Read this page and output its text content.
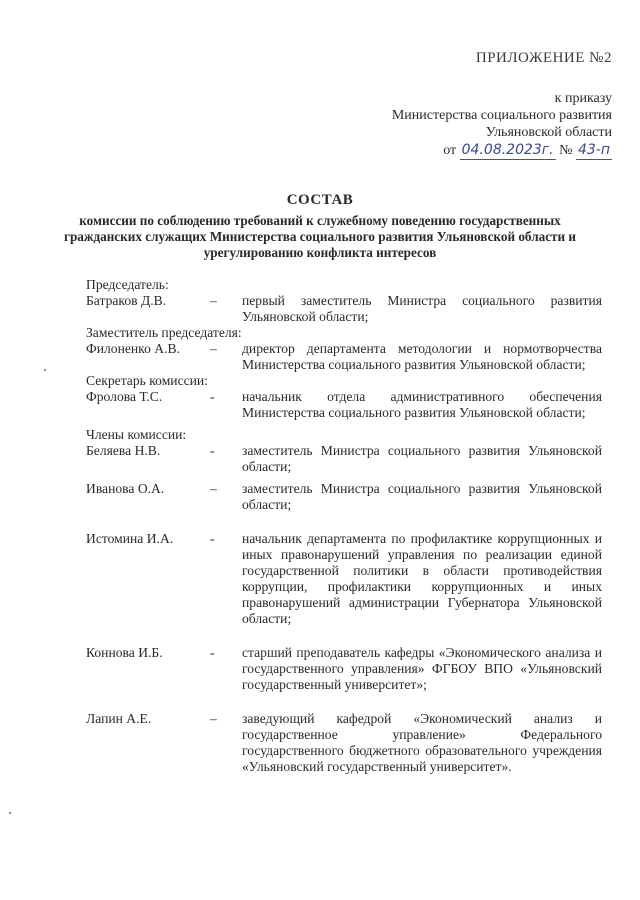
ПРИЛОЖЕНИЕ №2
к приказу
Министерства социального развития
Ульяновской области
от 04.08.2023г. № 43-п
СОСТАВ
комиссии по соблюдению требований к служебному поведению государственных гражданских служащих Министерства социального развития Ульяновской области и урегулированию конфликта интересов
Председатель:
Батраков Д.В.	–	первый заместитель Министра социального развития Ульяновской области;
Заместитель председателя:
Филоненко А.В.	–	директор департамента методологии и нормотворчества Министерства социального развития Ульяновской области;
Секретарь комиссии:
Фролова Т.С.	-	начальник отдела административного обеспечения Министерства социального развития Ульяновской области;
Члены комиссии:
Беляева Н.В.	-	заместитель Министра социального развития Ульяновской области;
Иванова О.А.	–	заместитель Министра социального развития Ульяновской области;
Истомина И.А.	-	начальник департамента по профилактике коррупционных и иных правонарушений управления по реализации единой государственной политики в области противодействия коррупции, профилактики коррупционных и иных правонарушений администрации Губернатора Ульяновской области;
Коннова И.Б.	-	старший преподаватель кафедры «Экономического анализа и государственного управления» ФГБОУ ВПО «Ульяновский государственный университет»;
Лапин А.Е.	–	заведующий кафедрой «Экономический анализ и государственное управление» Федерального государственного бюджетного образовательного учреждения «Ульяновский государственный университет».
